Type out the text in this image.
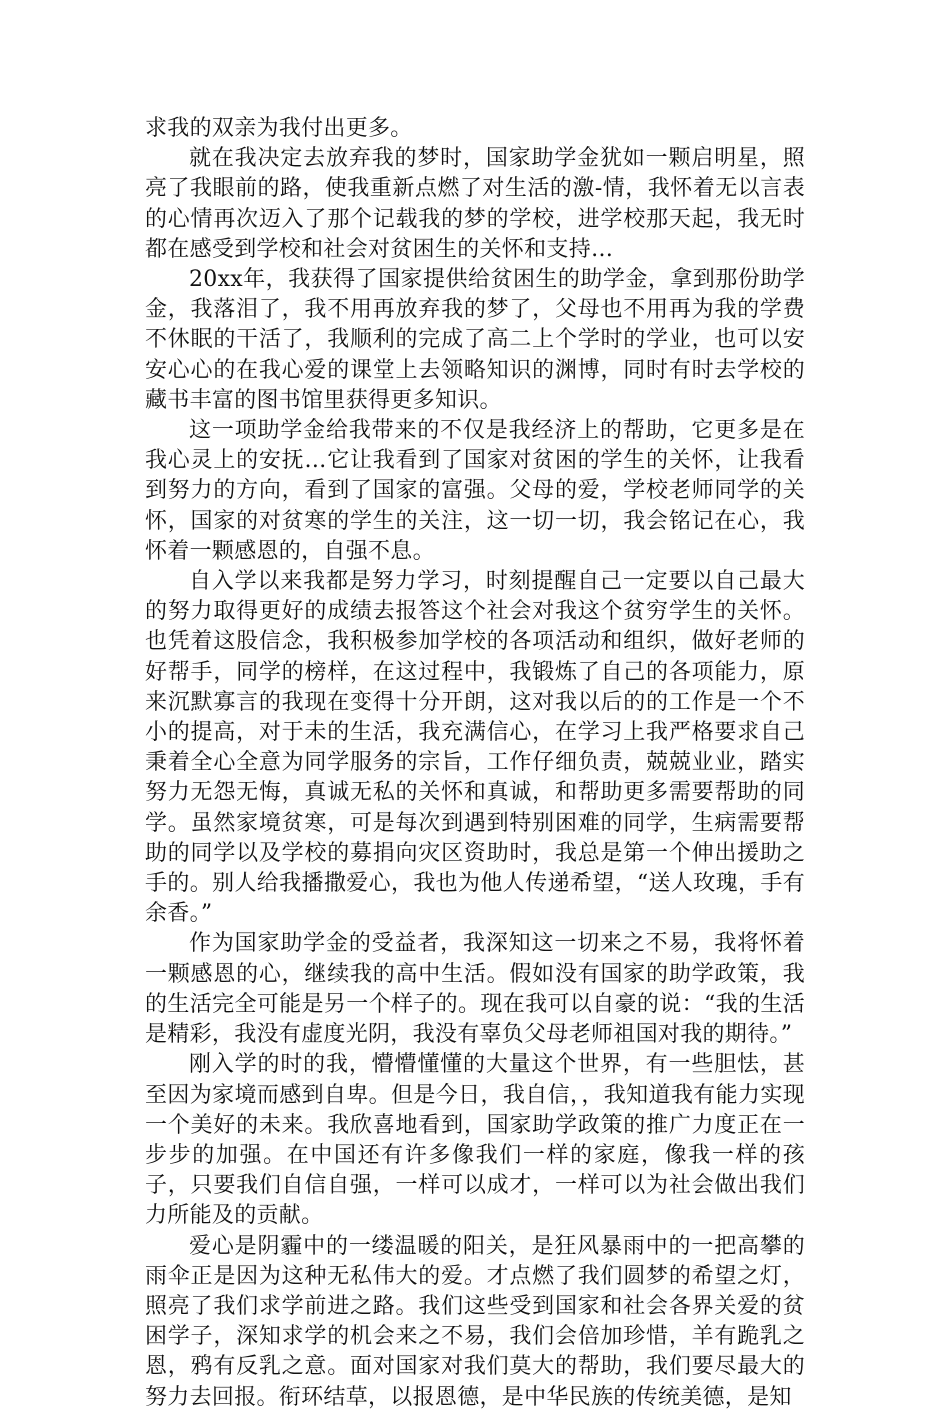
求我的双亲为我付出更多。

就在我决定去放弃我的梦时，国家助学金犹如一颗启明星，照亮了我眼前的路，使我重新点燃了对生活的激-情，我怀着无以言表的心情再次迈入了那个记载我的梦的学校，进学校那天起，我无时都在感受到学校和社会对贫困生的关怀和支持…

20xx年，我获得了国家提供给贫困生的助学金，拿到那份助学金，我落泪了，我不用再放弃我的梦了，父母也不用再为我的学费不休眠的干活了，我顺利的完成了高二上个学时的学业，也可以安安心心的在我心爱的课堂上去领略知识的渊博，同时有时去学校的藏书丰富的图书馆里获得更多知识。

这一项助学金给我带来的不仅是我经济上的帮助，它更多是在我心灵上的安抚…它让我看到了国家对贫困的学生的关怀，让我看到努力的方向，看到了国家的富强。父母的爱，学校老师同学的关怀，国家的对贫寒的学生的关注，这一切一切，我会铭记在心，我怀着一颗感恩的，自强不息。

自入学以来我都是努力学习，时刻提醒自己一定要以自己最大的努力取得更好的成绩去报答这个社会对我这个贫穷学生的关怀。也凭着这股信念，我积极参加学校的各项活动和组织，做好老师的好帮手，同学的榜样，在这过程中，我锻炼了自己的各项能力，原来沉默寡言的我现在变得十分开朗，这对我以后的的工作是一个不小的提高，对于未的生活，我充满信心，在学习上我严格要求自己秉着全心全意为同学服务的宗旨，工作仔细负责，兢兢业业，踏实努力无怨无悔，真诚无私的关怀和真诚，和帮助更多需要帮助的同学。虽然家境贫寒，可是每次到遇到特别困难的同学，生病需要帮助的同学以及学校的募捐向灾区资助时，我总是第一个伸出援助之手的。别人给我播撒爱心，我也为他人传递希望，“送人玫瑰，手有余香。”

作为国家助学金的受益者，我深知这一切来之不易，我将怀着一颗感恩的心，继续我的高中生活。假如没有国家的助学政策，我的生活完全可能是另一个样子的。现在我可以自豪的说：“我的生活是精彩，我没有虚度光阴，我没有辜负父母老师祖国对我的期待。”

刚入学的时的我，懵懵懂懂的大量这个世界，有一些胆怯，甚至因为家境而感到自卑。但是今日，我自信，，我知道我有能力实现一个美好的未来。我欣喜地看到，国家助学政策的推广力度正在一步步的加强。在中国还有许多像我们一样的家庭，像我一样的孩子，只要我们自信自强，一样可以成才，一样可以为社会做出我们力所能及的贡献。

爱心是阴霾中的一缕温暖的阳关，是狂风暴雨中的一把高攀的雨伞正是因为这种无私伟大的爱。才点燃了我们圆梦的希望之灯，照亮了我们求学前进之路。我们这些受到国家和社会各界关爱的贫困学子，深知求学的机会来之不易，我们会倍加珍惜，羊有跪乳之恩，鸦有反乳之意。面对国家对我们莫大的帮助，我们要尽最大的努力去回报。衔环结草，以报恩德，是中华民族的传统美德，是知
